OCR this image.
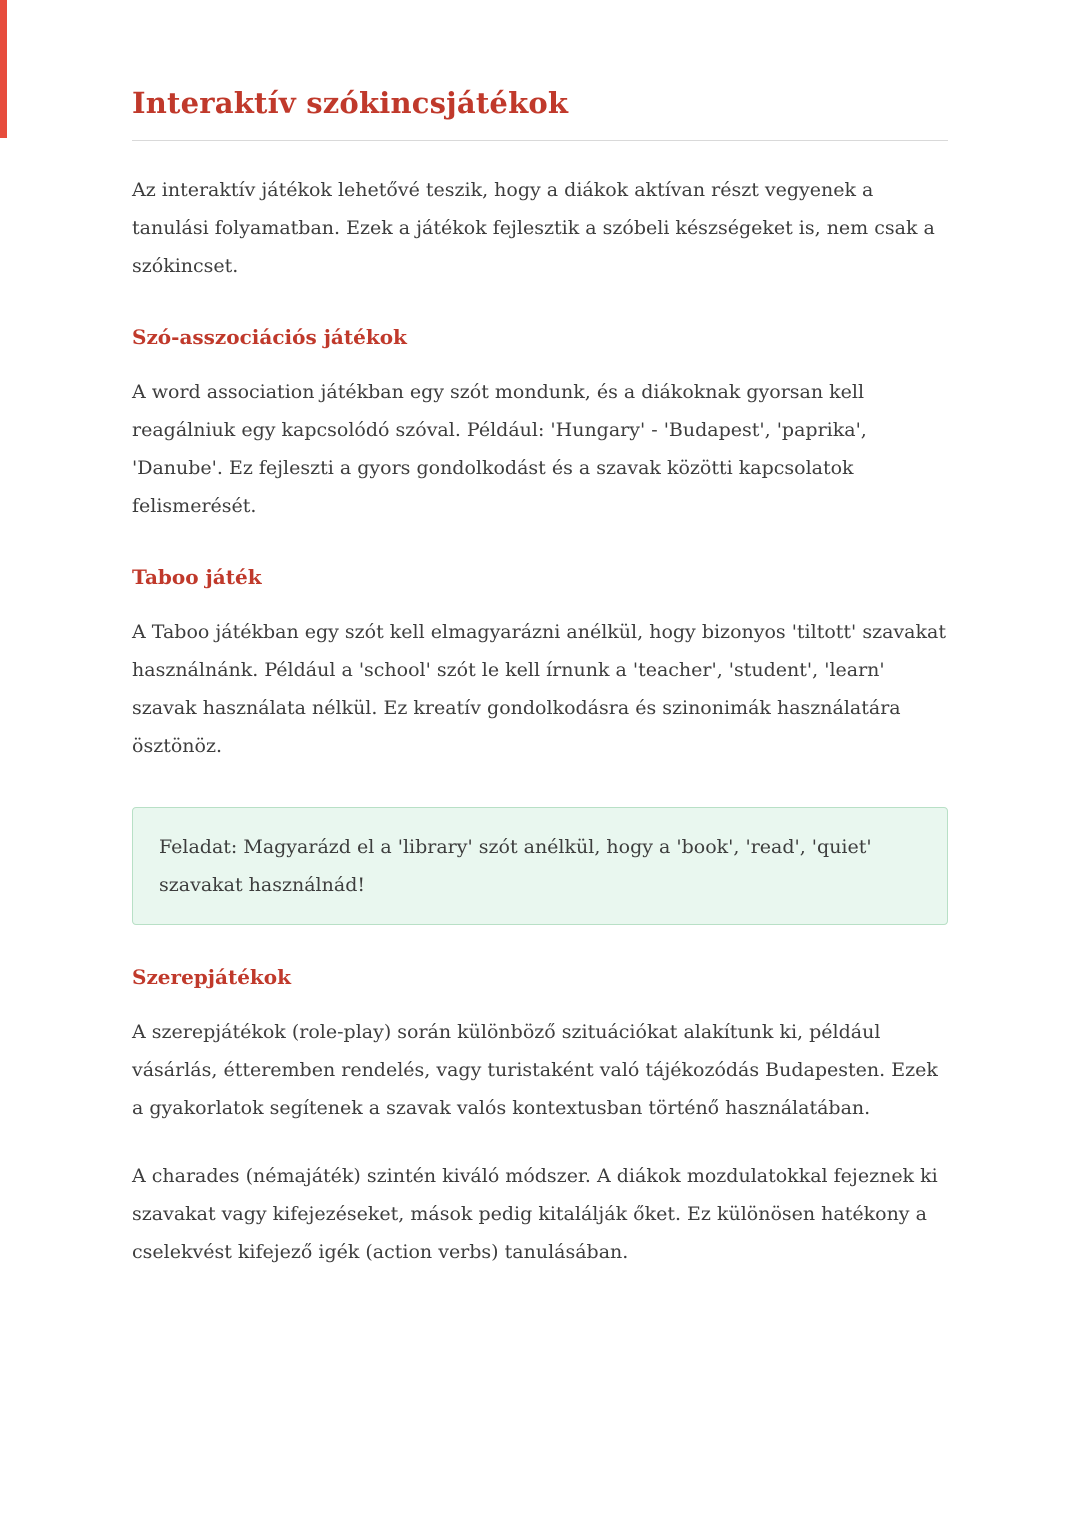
Interaktív szókincsjátékok

Az interaktív játékok lehetővé teszik, hogy a diákok aktívan részt vegyenek a tanulási folyamatban. Ezek a játékok fejlesztik a szóbeli készségeket is, nem csak a szókincset.

Szó-asszociációs játékok

A word association játékban egy szót mondunk, és a diákoknak gyorsan kell reagálniuk egy kapcsolódó szóval. Például: 'Hungary' - 'Budapest', 'paprika', 'Danube'. Ez fejleszti a gyors gondolkodást és a szavak közötti kapcsolatok felismerését.

Taboo játék

A Taboo játékban egy szót kell elmagyarázni anélkül, hogy bizonyos 'tiltott' szavakat használnánk. Például a 'school' szót le kell írnunk a 'teacher', 'student', 'learn' szavak használata nélkül. Ez kreatív gondolkodásra és szinonimák használatára ösztönöz.

Feladat: Magyarázd el a 'library' szót anélkül, hogy a 'book', 'read', 'quiet' szavakat használnád!

Szerepjátékok

A szerepjátékok (role-play) során különböző szituációkat alakítunk ki, például vásárlás, étteremben rendelés, vagy turistaként való tájékozódás Budapesten. Ezek a gyakorlatok segítenek a szavak valós kontextusban történő használatában.

A charades (némajáték) szintén kiváló módszer. A diákok mozdulatokkal fejeznek ki szavakat vagy kifejezéseket, mások pedig kitalálják őket. Ez különösen hatékony a cselekvést kifejező igék (action verbs) tanulásában.
